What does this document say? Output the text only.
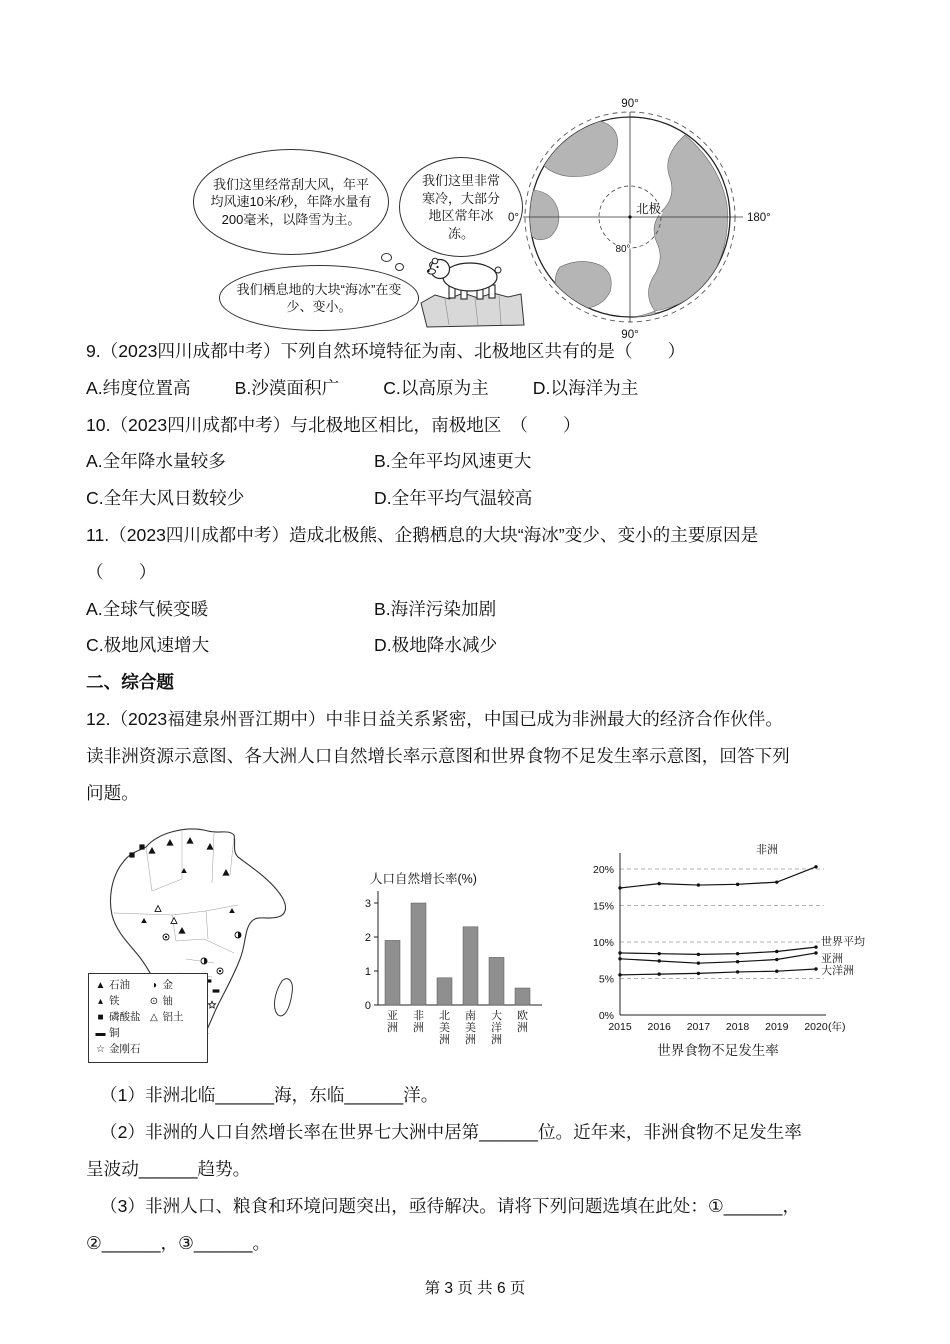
我们这里经常刮大风，年平均风速10米/秒，年降水量有200毫米，以降雪为主。
我们这里非常寒冷，大部分地区常年冰冻。
我们栖息地的大块“海冰”在变少、变小。
北极
80°
90°
90°
0°	180°

9.（2023四川成都中考）下列自然环境特征为南、北极地区共有的是（　　）

A.纬度位置高	B.沙漠面积广	C.以高原为主	D.以海洋为主

10.（2023四川成都中考）与北极地区相比，南极地区　（　　）

A.全年降水量较多	B.全年平均风速更大
C.全年大风日数较少	D.全年平均气温较高

11.（2023四川成都中考）造成北极熊、企鹅栖息的大块“海冰”变少、变小的主要原因是

（　　）

A.全球气候变暖	B.海洋污染加剧
C.极地风速增大	D.极地降水减少

二、综合题

12.（2023福建泉州晋江期中）中非日益关系紧密，中国已成为非洲最大的经济合作伙伴。

读非洲资源示意图、各大洲人口自然增长率示意图和世界食物不足发生率示意图，回答下列

问题。

▲ 石油
▴ 铁
■ 磷酸盐
▬ 铜
☆ 金刚石
◑ 金
⊙ 铀
△ 铝土
人口自然增长率(%)
0
1
2
3
亚洲
非洲
北美洲
南美洲
大洋洲
欧洲
世界食物不足发生率
0%
5%
10%
15%
20%
2015 2016 2017 2018 2019 2020 (年)
非洲
世界平均
亚洲
大洋洲

（1）非洲北临______海，东临______洋。

（2）非洲的人口自然增长率在世界七大洲中居第______位。近年来，非洲食物不足发生率

呈波动______趋势。

（3）非洲人口、粮食和环境问题突出，亟待解决。请将下列问题选填在此处：①______，

②______，③______。

第 3 页 共 6 页
